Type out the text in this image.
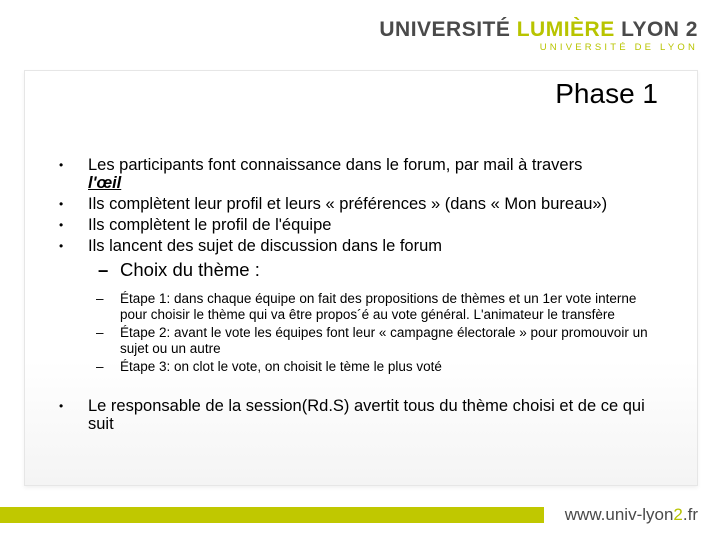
UNIVERSITÉ LUMIÈRE LYON 2
UNIVERSITÉ DE LYON
Phase 1
•	Les participants font connaissance dans le forum, par mail à travers
l'œil
•	Ils complètent leur profil et leurs « préférences » (dans « Mon bureau»)
•	Ils complètent le profil de l'équipe
•	Ils lancent des sujet de discussion dans le forum
– Choix du thème :
–	Étape 1: dans chaque équipe on fait des propositions de thèmes et un 1er vote interne pour choisir le thème qui va être propos´é au vote général. L'animateur le transfère
–	Étape 2: avant le vote les équipes font leur « campagne électorale » pour promouvoir un sujet ou un autre
–	Étape 3: on clot le vote, on choisit le tème le plus voté
•	Le responsable de la session(Rd.S) avertit tous du thème choisi et de ce qui suit
www.univ-lyon2.fr
